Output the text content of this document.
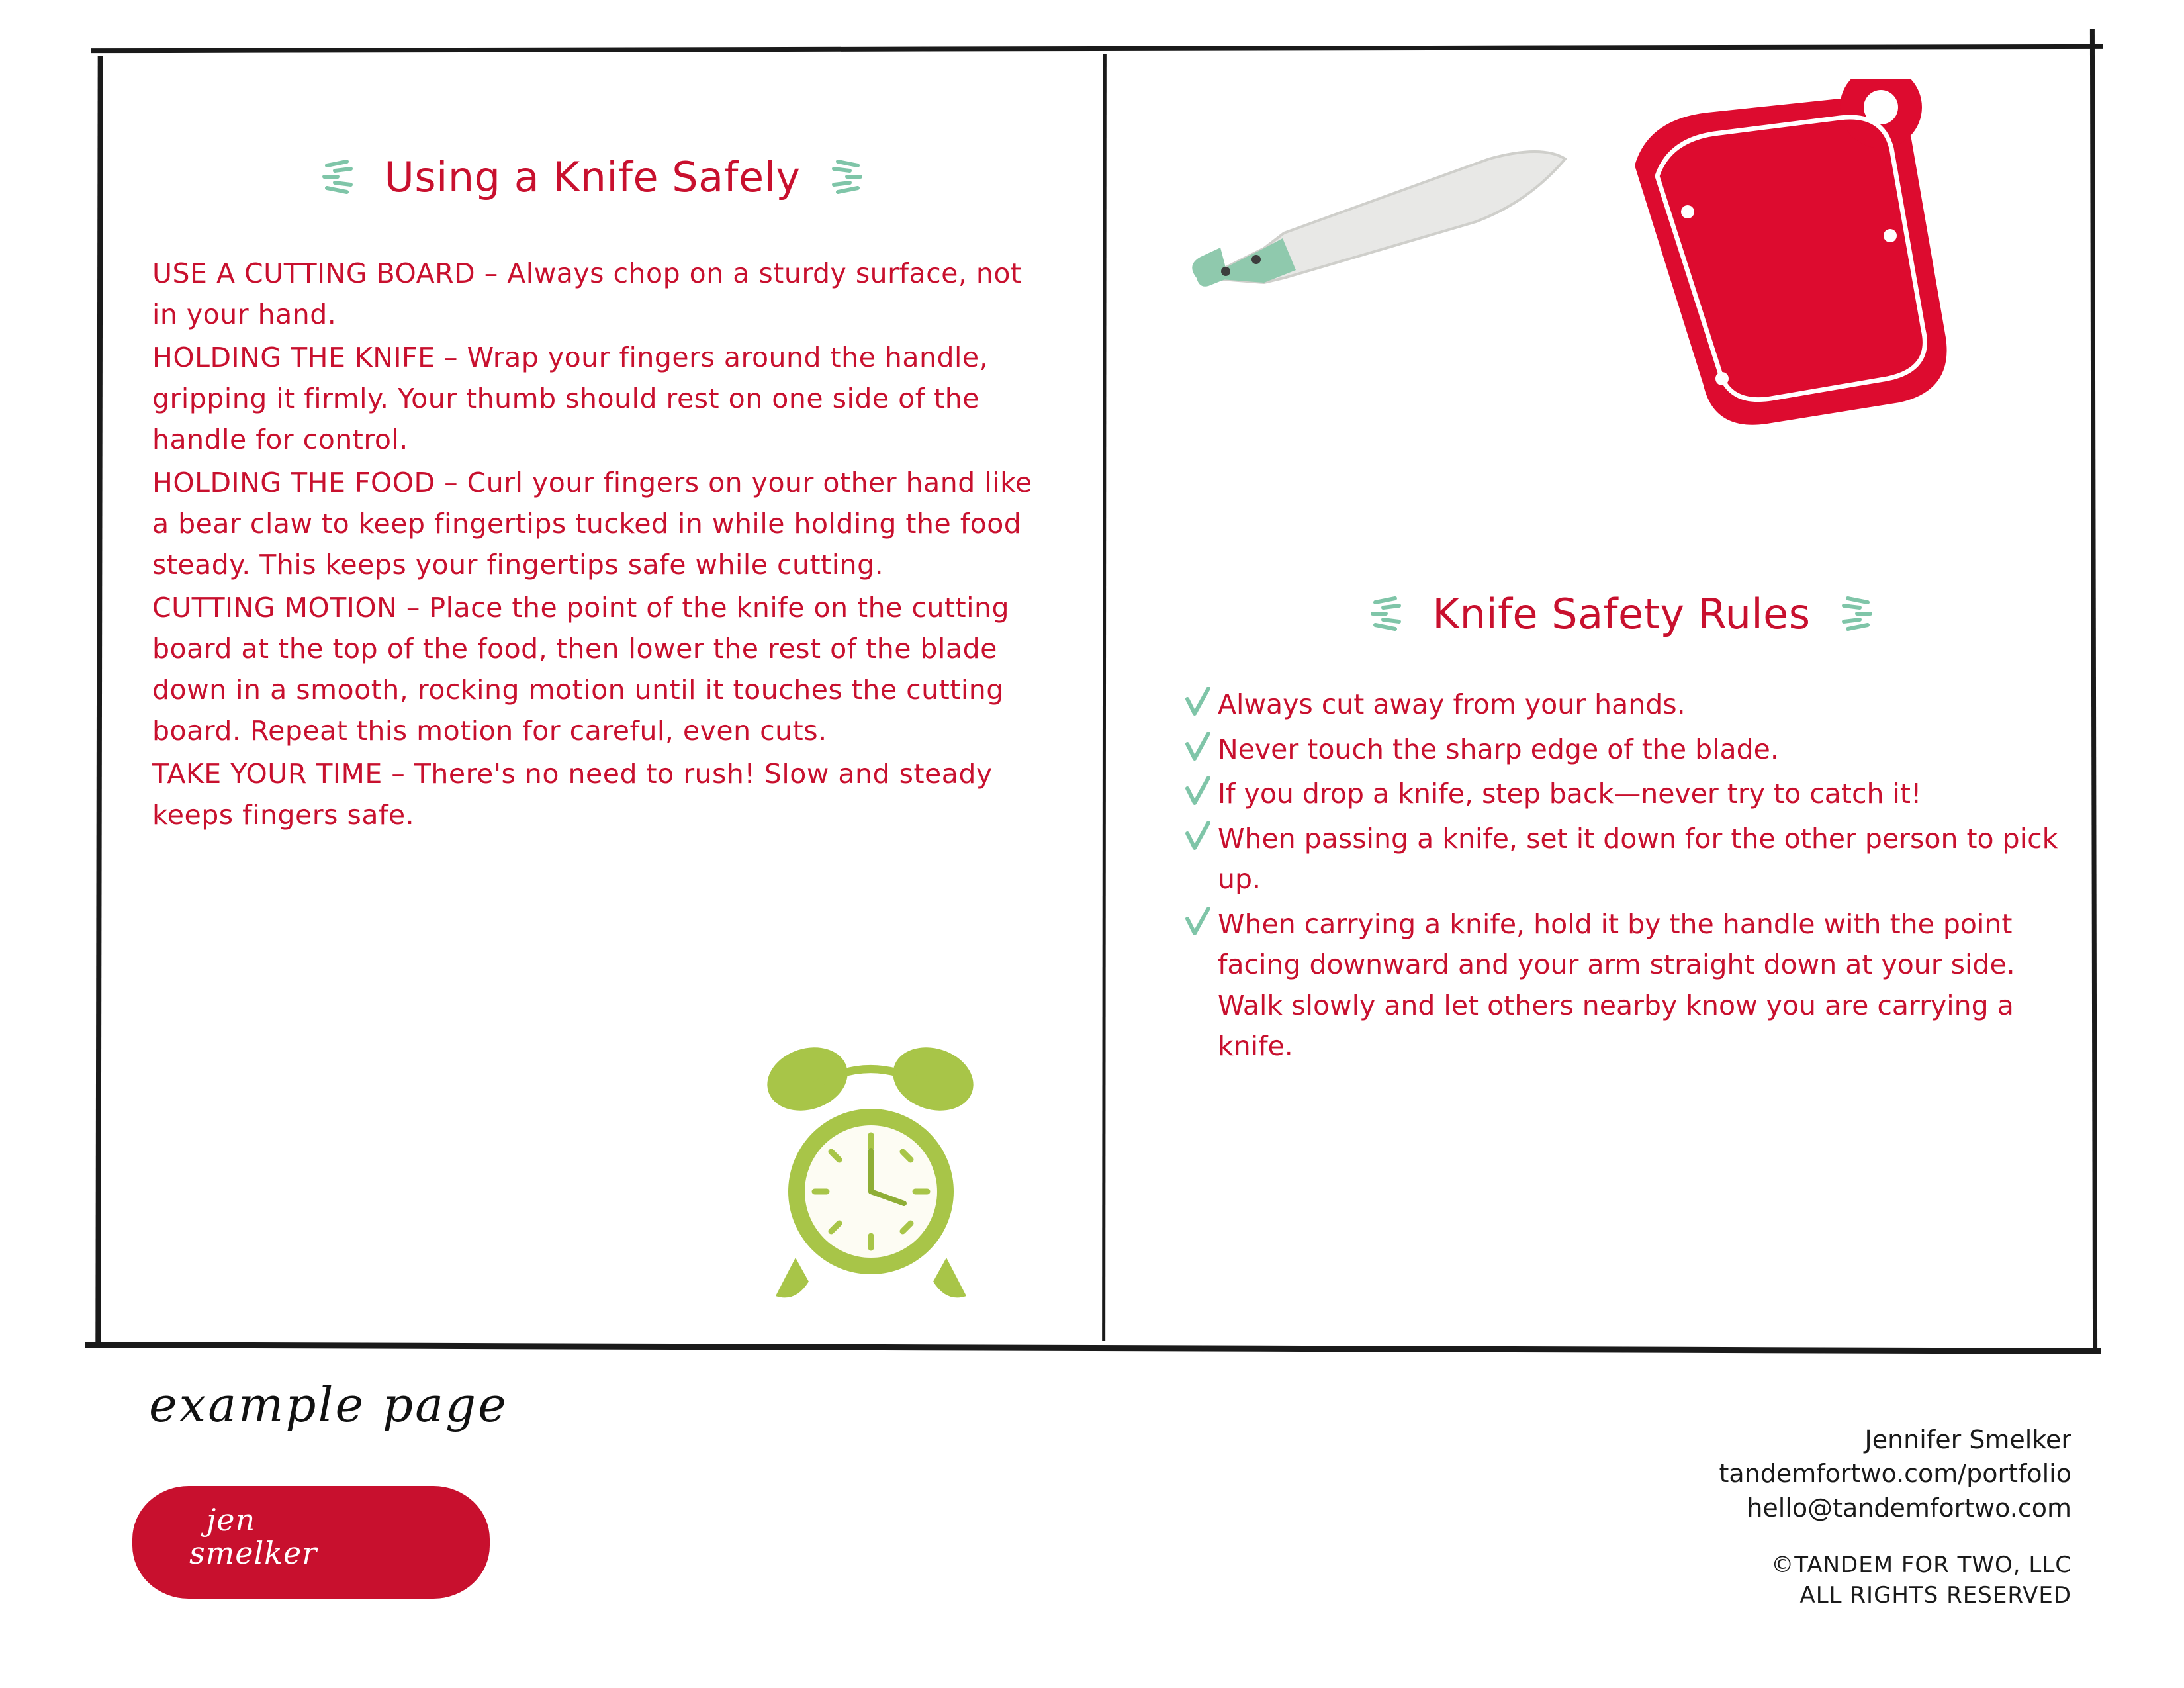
Using a Knife Safely

USE A CUTTING BOARD – Always chop on a sturdy surface, not in your hand.

HOLDING THE KNIFE – Wrap your fingers around the handle, gripping it firmly. Your thumb should rest on one side of the handle for control.

HOLDING THE FOOD – Curl your fingers on your other hand like a bear claw to keep fingertips tucked in while holding the food steady. This keeps your fingertips safe while cutting.

CUTTING MOTION – Place the point of the knife on the cutting board at the top of the food, then lower the rest of the blade down in a smooth, rocking motion until it touches the cutting board. Repeat this motion for careful, even cuts.

TAKE YOUR TIME – There's no need to rush! Slow and steady keeps fingers safe.

Knife Safety Rules
Always cut away from your hands.
Never touch the sharp edge of the blade.
If you drop a knife, step back—never try to catch it!
When passing a knife, set it down for the other person to pick up.
When carrying a knife, hold it by the handle with the point facing downward and your arm straight down at your side. Walk slowly and let others nearby know you are carrying a knife.
example page
jen
smelker
Jennifer Smelker
tandemfortwo.com/portfolio
hello@tandemfortwo.com
©TANDEM FOR TWO, LLC
ALL RIGHTS RESERVED
